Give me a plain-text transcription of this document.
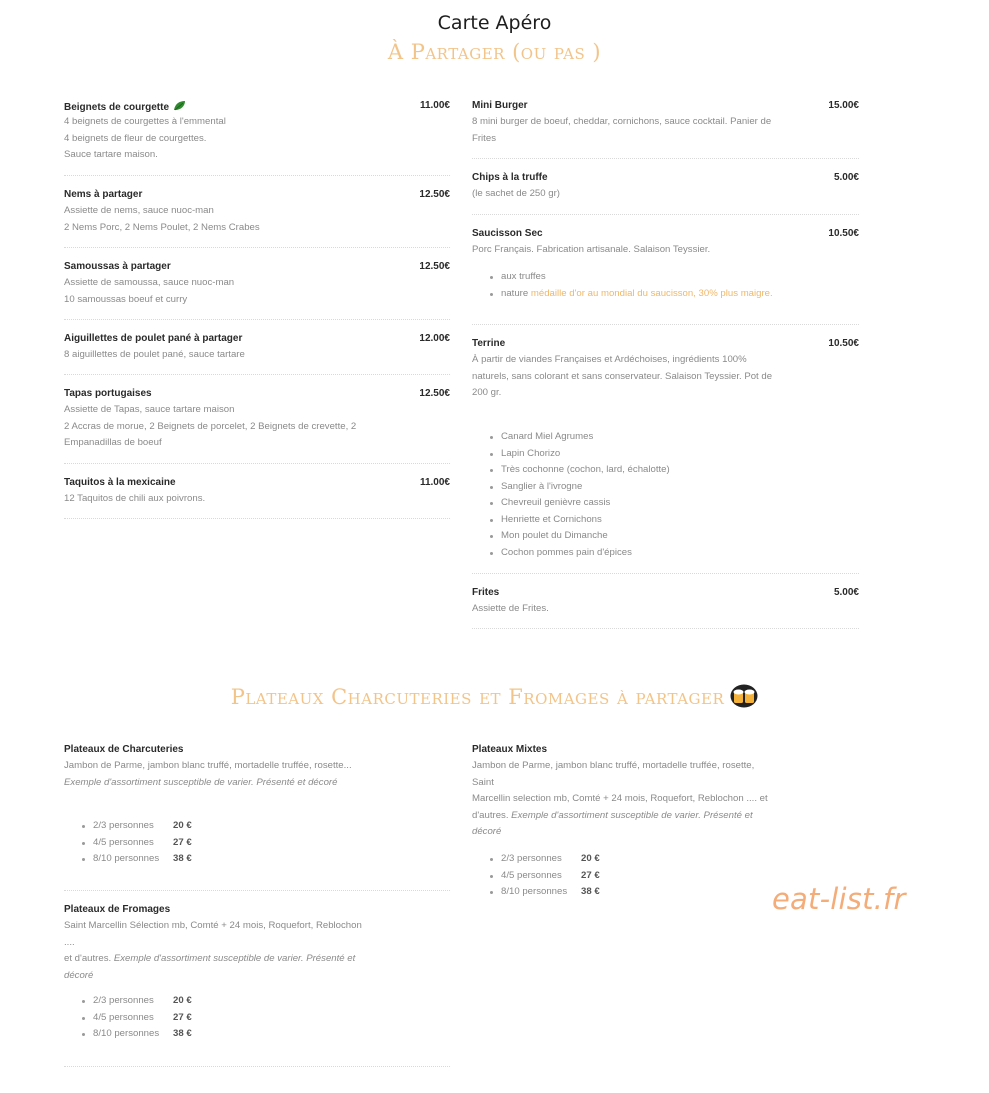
Carte Apéro
À Partager (ou pas )
Beignets de courgette	11.00€
4 beignets de courgettes à l'emmental
4 beignets de fleur de courgettes.
Sauce tartare maison.
Nems à partager	12.50€
Assiette de nems, sauce nuoc-man
2 Nems Porc, 2 Nems Poulet, 2 Nems Crabes
Samoussas à partager	12.50€
Assiette de samoussa, sauce nuoc-man
10 samoussas boeuf et curry
Aiguillettes de poulet pané à partager	12.00€
8 aiguillettes de poulet pané, sauce tartare
Tapas portugaises	12.50€
Assiette de Tapas, sauce tartare maison
2 Accras de morue, 2 Beignets de porcelet, 2 Beignets de crevette, 2
Empanadillas de boeuf
Taquitos à la mexicaine	11.00€
12 Taquitos de chili aux poivrons.
Mini Burger	15.00€
8 mini burger de boeuf, cheddar, cornichons, sauce cocktail. Panier de
Frites
Chips à la truffe	5.00€
(le sachet de 250 gr)
Saucisson Sec	10.50€
Porc Français. Fabrication artisanale. Salaison Teyssier.
aux truffes
nature médaille d'or au mondial du saucisson, 30% plus maigre.
Terrine	10.50€
À partir de viandes Françaises et Ardéchoises, ingrédients 100%
naturels, sans colorant et sans conservateur. Salaison Teyssier. Pot de
200 gr.
Canard Miel Agrumes
Lapin Chorizo
Très cochonne (cochon, lard, échalotte)
Sanglier à l'ivrogne
Chevreuil genièvre cassis
Henriette et Cornichons
Mon poulet du Dimanche
Cochon pommes pain d'épices
Frites	5.00€
Assiette de Frites.
Plateaux Charcuteries et Fromages à partager
Plateaux de Charcuteries
Jambon de Parme, jambon blanc truffé, mortadelle truffée, rosette...
Exemple d'assortiment susceptible de varier. Présenté et décoré
2/3 personnes 20 €
4/5 personnes 27 €
8/10 personnes 38 €
Plateaux de Fromages
Saint Marcellin Sélection mb, Comté + 24 mois, Roquefort, Reblochon ....
et d'autres. Exemple d'assortiment susceptible de varier. Présenté et
décoré
2/3 personnes 20 €
4/5 personnes 27 €
8/10 personnes 38 €
Plateaux Mixtes
Jambon de Parme, jambon blanc truffé, mortadelle truffée, rosette, Saint
Marcellin selection mb, Comté + 24 mois, Roquefort, Reblochon .... et
d'autres. Exemple d'assortiment susceptible de varier. Présenté et
décoré
2/3 personnes 20 €
4/5 personnes 27 €
8/10 personnes 38 €	eat-list.fr
